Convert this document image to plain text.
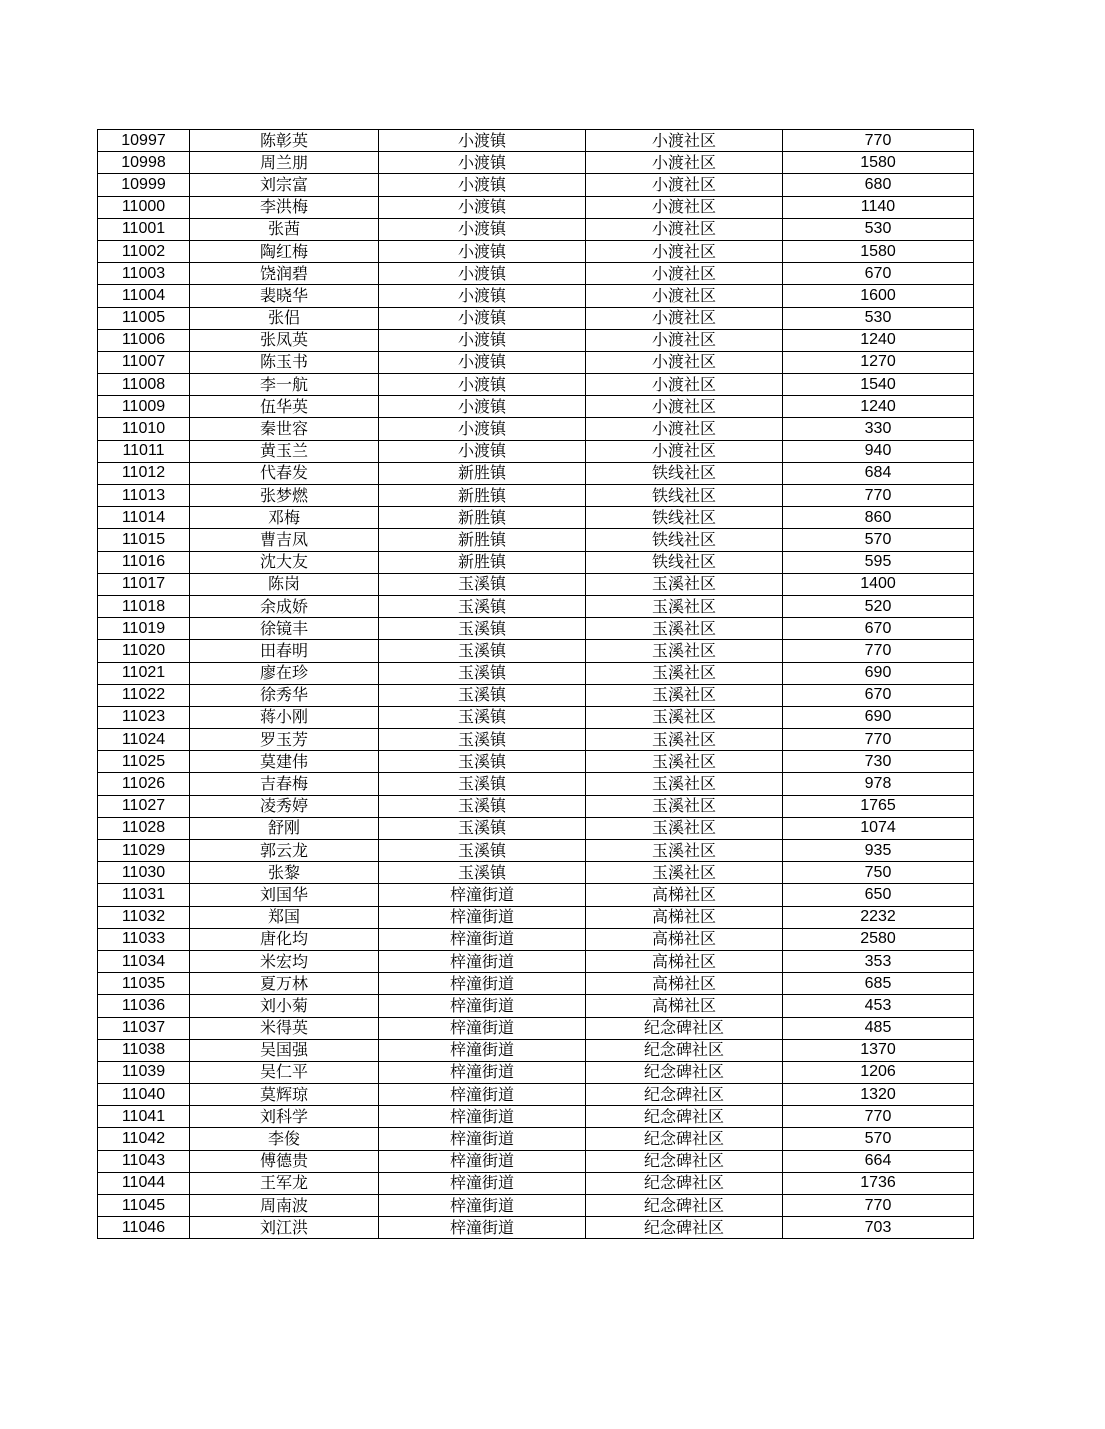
10997	陈彰英	小渡镇	小渡社区	770
10998	周兰朋	小渡镇	小渡社区	1580
10999	刘宗富	小渡镇	小渡社区	680
11000	李洪梅	小渡镇	小渡社区	1140
11001	张茜	小渡镇	小渡社区	530
11002	陶红梅	小渡镇	小渡社区	1580
11003	饶润碧	小渡镇	小渡社区	670
11004	裴晓华	小渡镇	小渡社区	1600
11005	张侣	小渡镇	小渡社区	530
11006	张凤英	小渡镇	小渡社区	1240
11007	陈玉书	小渡镇	小渡社区	1270
11008	李一航	小渡镇	小渡社区	1540
11009	伍华英	小渡镇	小渡社区	1240
11010	秦世容	小渡镇	小渡社区	330
11011	黄玉兰	小渡镇	小渡社区	940
11012	代春发	新胜镇	铁线社区	684
11013	张梦燃	新胜镇	铁线社区	770
11014	邓梅	新胜镇	铁线社区	860
11015	曹吉凤	新胜镇	铁线社区	570
11016	沈大友	新胜镇	铁线社区	595
11017	陈岗	玉溪镇	玉溪社区	1400
11018	余成娇	玉溪镇	玉溪社区	520
11019	徐镜丰	玉溪镇	玉溪社区	670
11020	田春明	玉溪镇	玉溪社区	770
11021	廖在珍	玉溪镇	玉溪社区	690
11022	徐秀华	玉溪镇	玉溪社区	670
11023	蒋小刚	玉溪镇	玉溪社区	690
11024	罗玉芳	玉溪镇	玉溪社区	770
11025	莫建伟	玉溪镇	玉溪社区	730
11026	吉春梅	玉溪镇	玉溪社区	978
11027	凌秀婷	玉溪镇	玉溪社区	1765
11028	舒刚	玉溪镇	玉溪社区	1074
11029	郭云龙	玉溪镇	玉溪社区	935
11030	张黎	玉溪镇	玉溪社区	750
11031	刘国华	梓潼街道	高梯社区	650
11032	郑国	梓潼街道	高梯社区	2232
11033	唐化均	梓潼街道	高梯社区	2580
11034	米宏均	梓潼街道	高梯社区	353
11035	夏万林	梓潼街道	高梯社区	685
11036	刘小菊	梓潼街道	高梯社区	453
11037	米得英	梓潼街道	纪念碑社区	485
11038	吴国强	梓潼街道	纪念碑社区	1370
11039	吴仁平	梓潼街道	纪念碑社区	1206
11040	莫辉琼	梓潼街道	纪念碑社区	1320
11041	刘科学	梓潼街道	纪念碑社区	770
11042	李俊	梓潼街道	纪念碑社区	570
11043	傅德贵	梓潼街道	纪念碑社区	664
11044	王军龙	梓潼街道	纪念碑社区	1736
11045	周南波	梓潼街道	纪念碑社区	770
11046	刘江洪	梓潼街道	纪念碑社区	703
